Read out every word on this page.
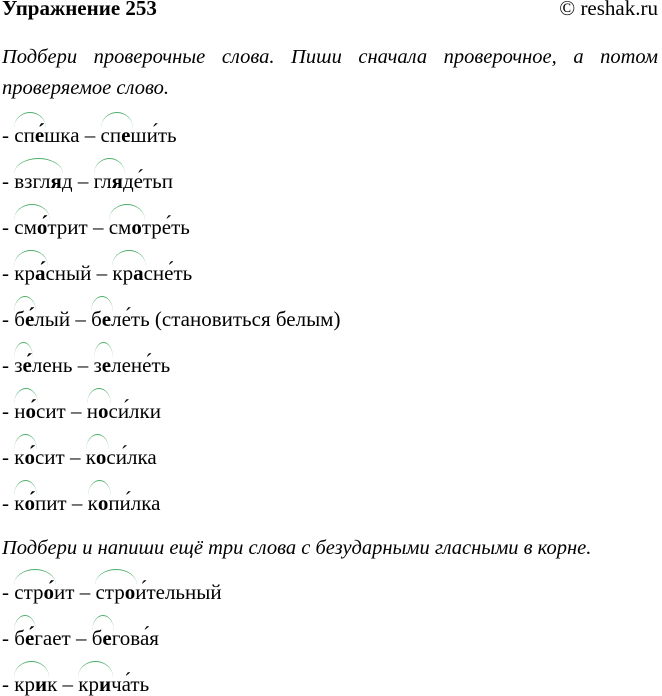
Упражнение 253	© reshak.ru
Подбери проверочные слова. Пиши сначала проверочное, а потом проверяемое слово.
Подбери и напиши ещё три слова с безударными гласными в корне.
- спе́шка
– спеши́ть
- взгляд
– гляде́тьп
- смо́трит
– смотре́ть
- кра́сный
– красне́ть
- бе́лый
– беле́ть
(становиться белым)
- зе́лень
– зелене́ть
- но́сит
– носи́лки
- ко́сит
– коси́лка
- ко́пит
– копи́лка
- стро́ит
– строи́тельный
- бе́гает
– бегова́я
- крик
– крича́ть
